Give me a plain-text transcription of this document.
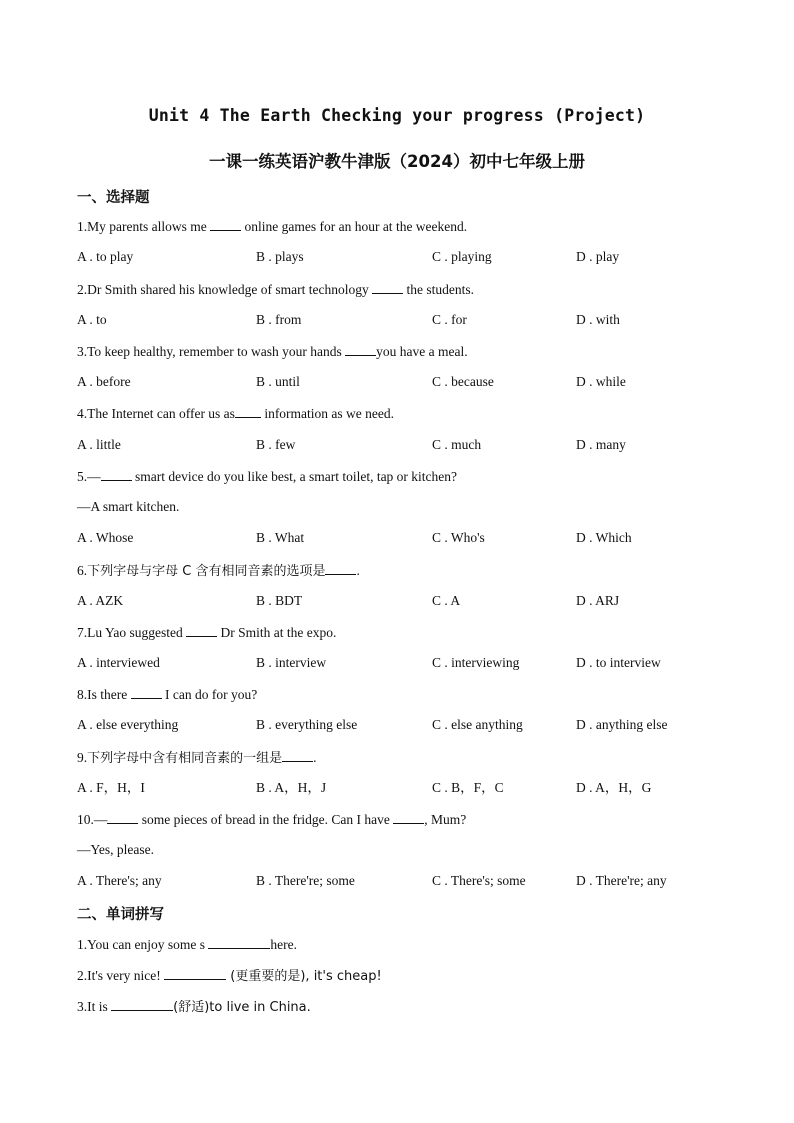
Unit 4 The Earth Checking your progress (Project)
一课一练英语沪教牛津版（2024）初中七年级上册
一、选择题
1.My parents allows me  online games for an hour at the weekend.
A . to play	B . plays	C . playing	D . play
2.Dr Smith shared his knowledge of smart technology  the students.
A . to	B . from	C . for	D . with
3.To keep healthy, remember to wash your hands you have a meal.
A . before	B . until	C . because	D . while
4.The Internet can offer us as information as we need.
A . little	B . few	C . much	D . many
5.— smart device do you like best, a smart toilet, tap or kitchen?
—A smart kitchen.
A . Whose	B . What	C . Who's	D . Which
6.下列字母与字母 C 含有相同音素的选项是 .
A . AZK	B . BDT	C . A	D . ARJ
7.Lu Yao suggested  Dr Smith at the expo.
A . interviewed	B . interview	C . interviewing	D . to interview
8.Is there  I can do for you?
A . else everything	B . everything else	C . else anything	D . anything else
9.下列字母中含有相同音素的一组是 .
A . F，H，I	B . A，H，J	C . B，F，C	D . A，H，G
10.— some pieces of bread in the fridge. Can I have , Mum?
—Yes, please.
A . There's; any	B . There're; some	C . There's; some	D . There're; any
二、单词拼写
1.You can enjoy some s	here.
2.It's very nice!	(更重要的是), it's cheap!
3.It is	(舒适)to live in China.
